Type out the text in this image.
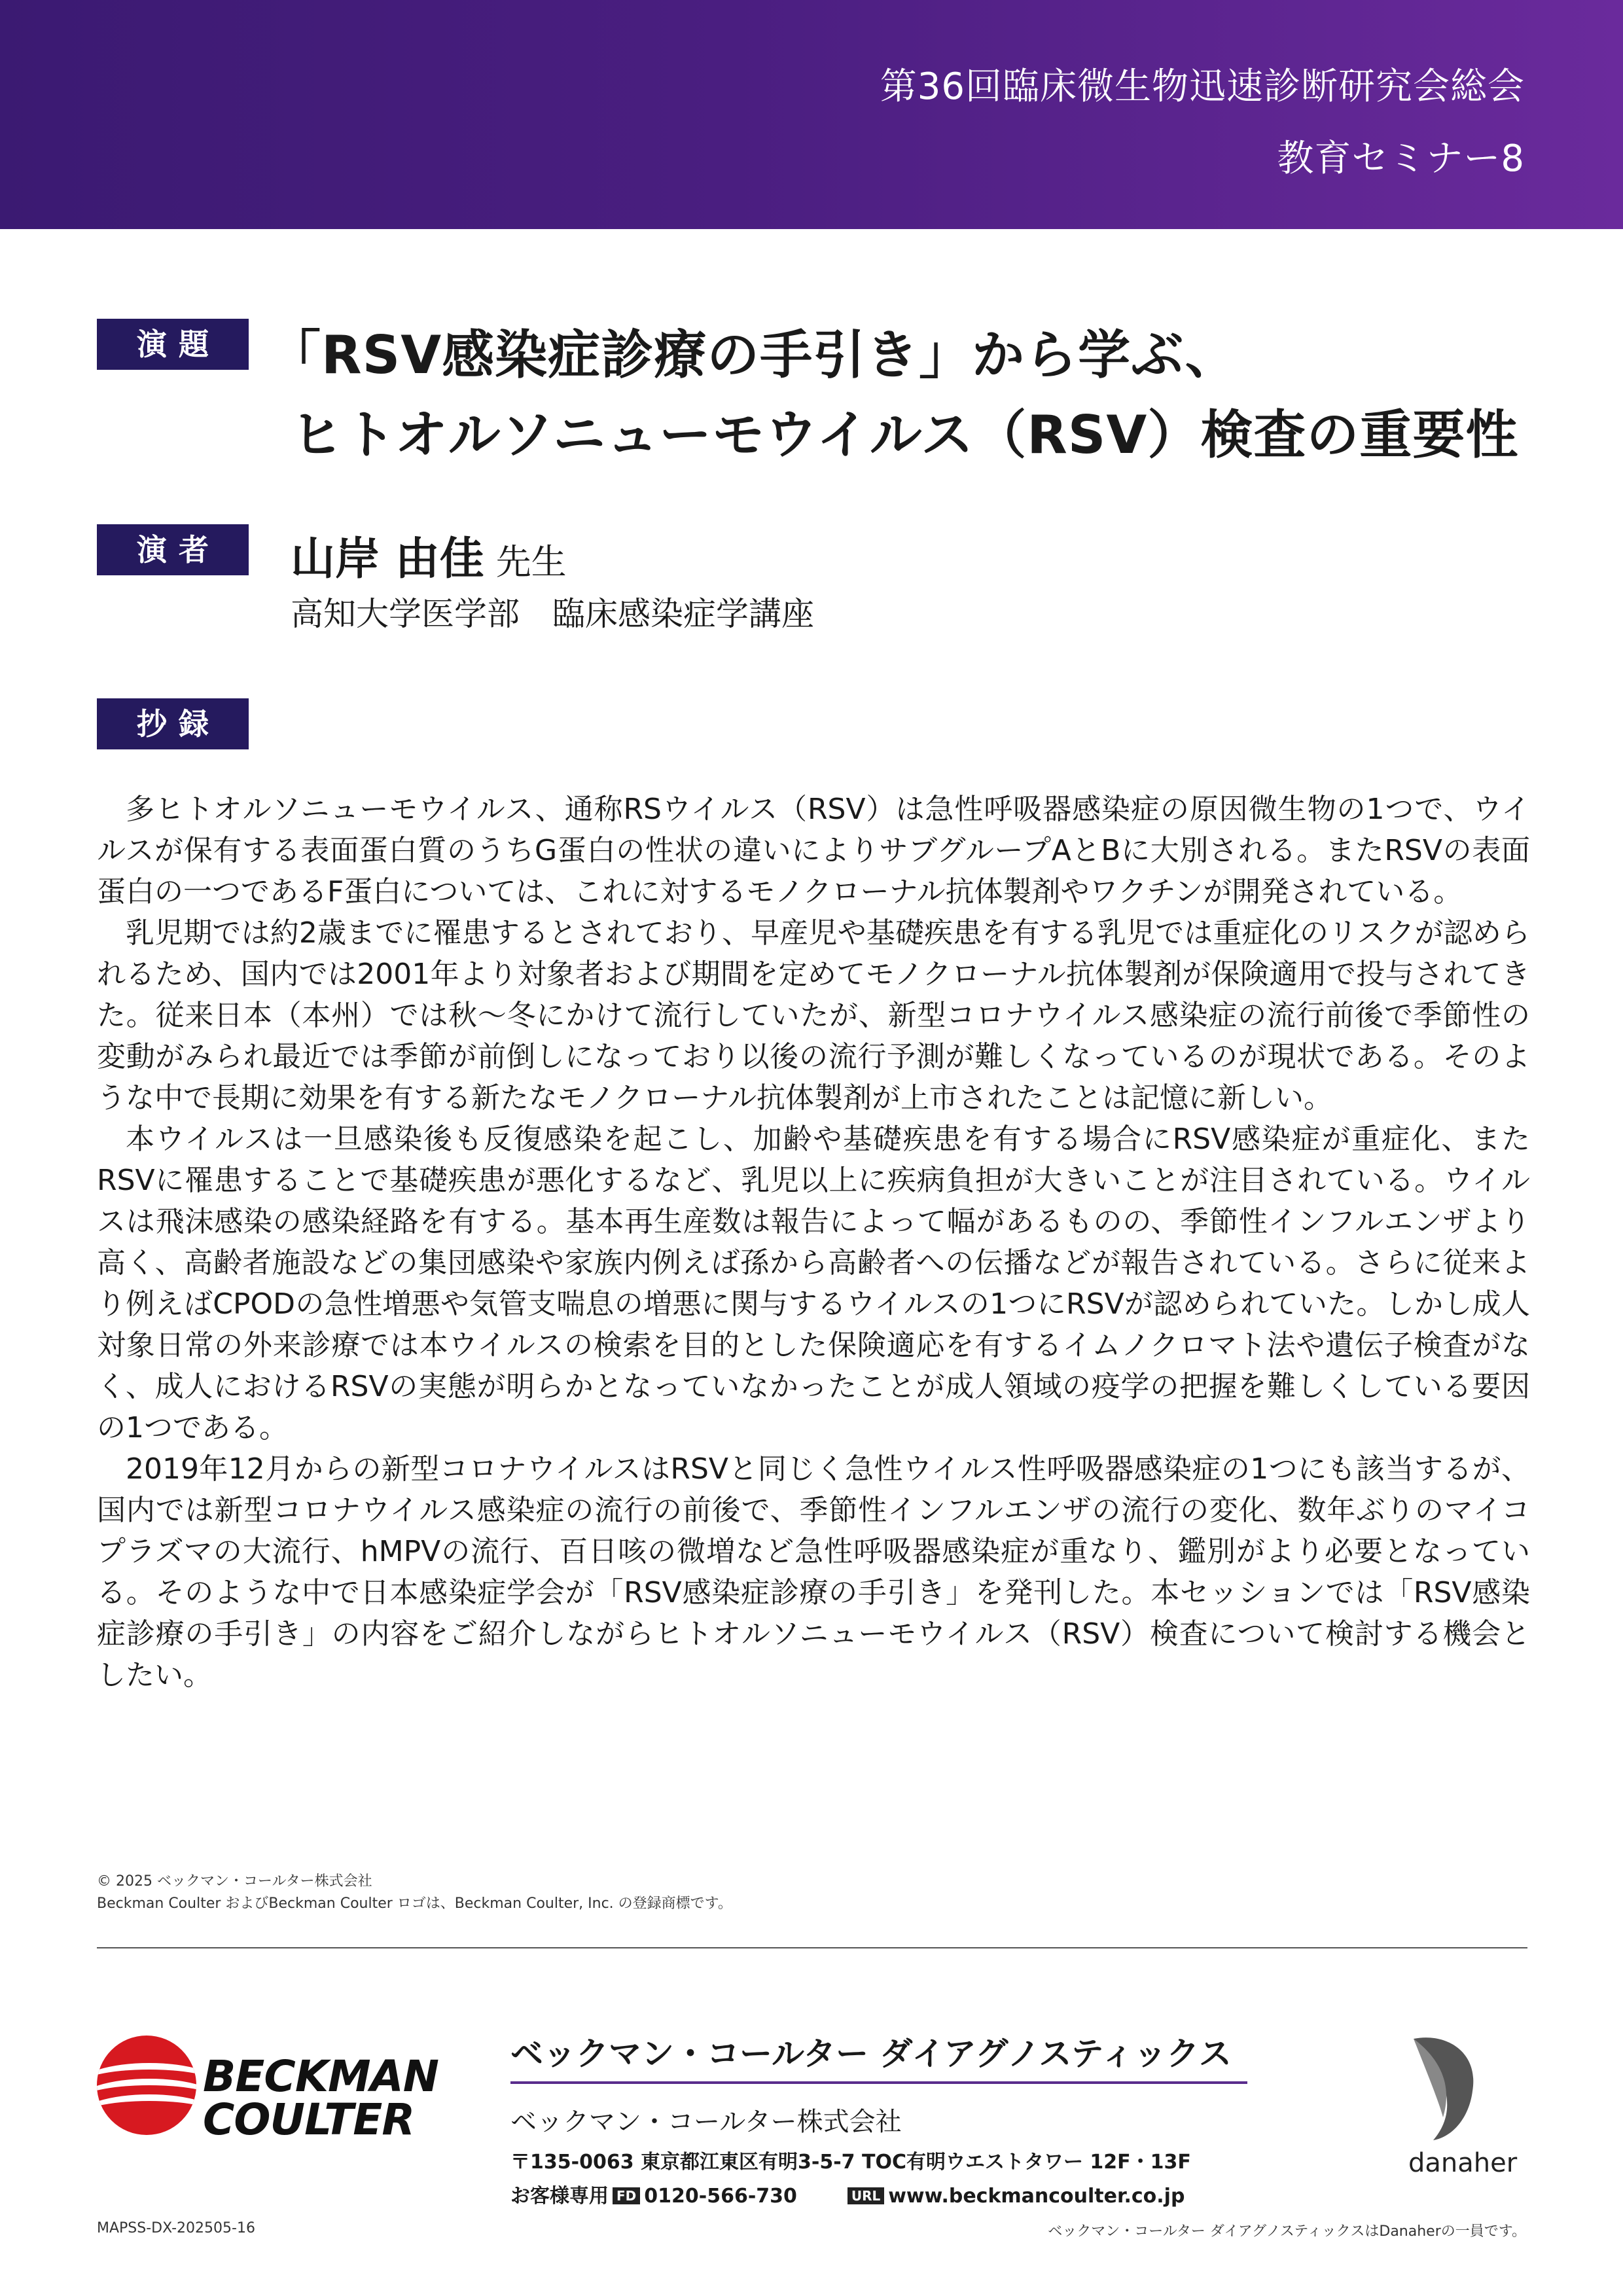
第36回臨床微生物迅速診断研究会総会
教育セミナー8
演題 「RSV感染症診療の手引き」から学ぶ、
ヒトオルソニューモウイルス（RSV）検査の重要性
演者	山岸 由佳 先生
高知大学医学部　臨床感染症学講座
抄録

多ヒトオルソニューモウイルス、通称RSウイルス（RSV）は急性呼吸器感染症の原因微生物の1つで、ウイルスが保有する表面蛋白質のうちG蛋白の性状の違いによりサブグループAとBに大別される。またRSVの表面蛋白の一つであるF蛋白については、これに対するモノクローナル抗体製剤やワクチンが開発されている。

乳児期では約2歳までに罹患するとされており、早産児や基礎疾患を有する乳児では重症化のリスクが認められるため、国内では2001年より対象者および期間を定めてモノクローナル抗体製剤が保険適用で投与されてきた。従来日本（本州）では秋〜冬にかけて流行していたが、新型コロナウイルス感染症の流行前後で季節性の変動がみられ最近では季節が前倒しになっており以後の流行予測が難しくなっているのが現状である。そのような中で長期に効果を有する新たなモノクローナル抗体製剤が上市されたことは記憶に新しい。

本ウイルスは一旦感染後も反復感染を起こし、加齢や基礎疾患を有する場合にRSV感染症が重症化、またRSVに罹患することで基礎疾患が悪化するなど、乳児以上に疾病負担が大きいことが注目されている。ウイルスは飛沫感染の感染経路を有する。基本再生産数は報告によって幅があるものの、季節性インフルエンザより高く、高齢者施設などの集団感染や家族内例えば孫から高齢者への伝播などが報告されている。さらに従来より例えばCPODの急性増悪や気管支喘息の増悪に関与するウイルスの1つにRSVが認められていた。しかし成人対象日常の外来診療では本ウイルスの検索を目的とした保険適応を有するイムノクロマト法や遺伝子検査がなく、成人におけるRSVの実態が明らかとなっていなかったことが成人領域の疫学の把握を難しくしている要因の1つである。

2019年12月からの新型コロナウイルスはRSVと同じく急性ウイルス性呼吸器感染症の1つにも該当するが、国内では新型コロナウイルス感染症の流行の前後で、季節性インフルエンザの流行の変化、数年ぶりのマイコプラズマの大流行、hMPVの流行、百日咳の微増など急性呼吸器感染症が重なり、鑑別がより必要となっている。そのような中で日本感染症学会が「RSV感染症診療の手引き」を発刊した。本セッションでは「RSV感染症診療の手引き」の内容をご紹介しながらヒトオルソニューモウイルス（RSV）検査について検討する機会としたい。

© 2025 ベックマン・コールター株式会社
Beckman Coulter およびBeckman Coulter ロゴは、Beckman Coulter, Inc. の登録商標です。
BECKMAN
COULTER
ベックマン・コールター ダイアグノスティックス
ベックマン・コールター株式会社
〒135-0063 東京都江東区有明3-5-7 TOC有明ウエストタワー 12F・13F
お客様専用 FD 0120-566-730	URL www.beckmancoulter.co.jp
danaher
MAPSS-DX-202505-16	ベックマン・コールター ダイアグノスティックスはDanaherの一員です。
